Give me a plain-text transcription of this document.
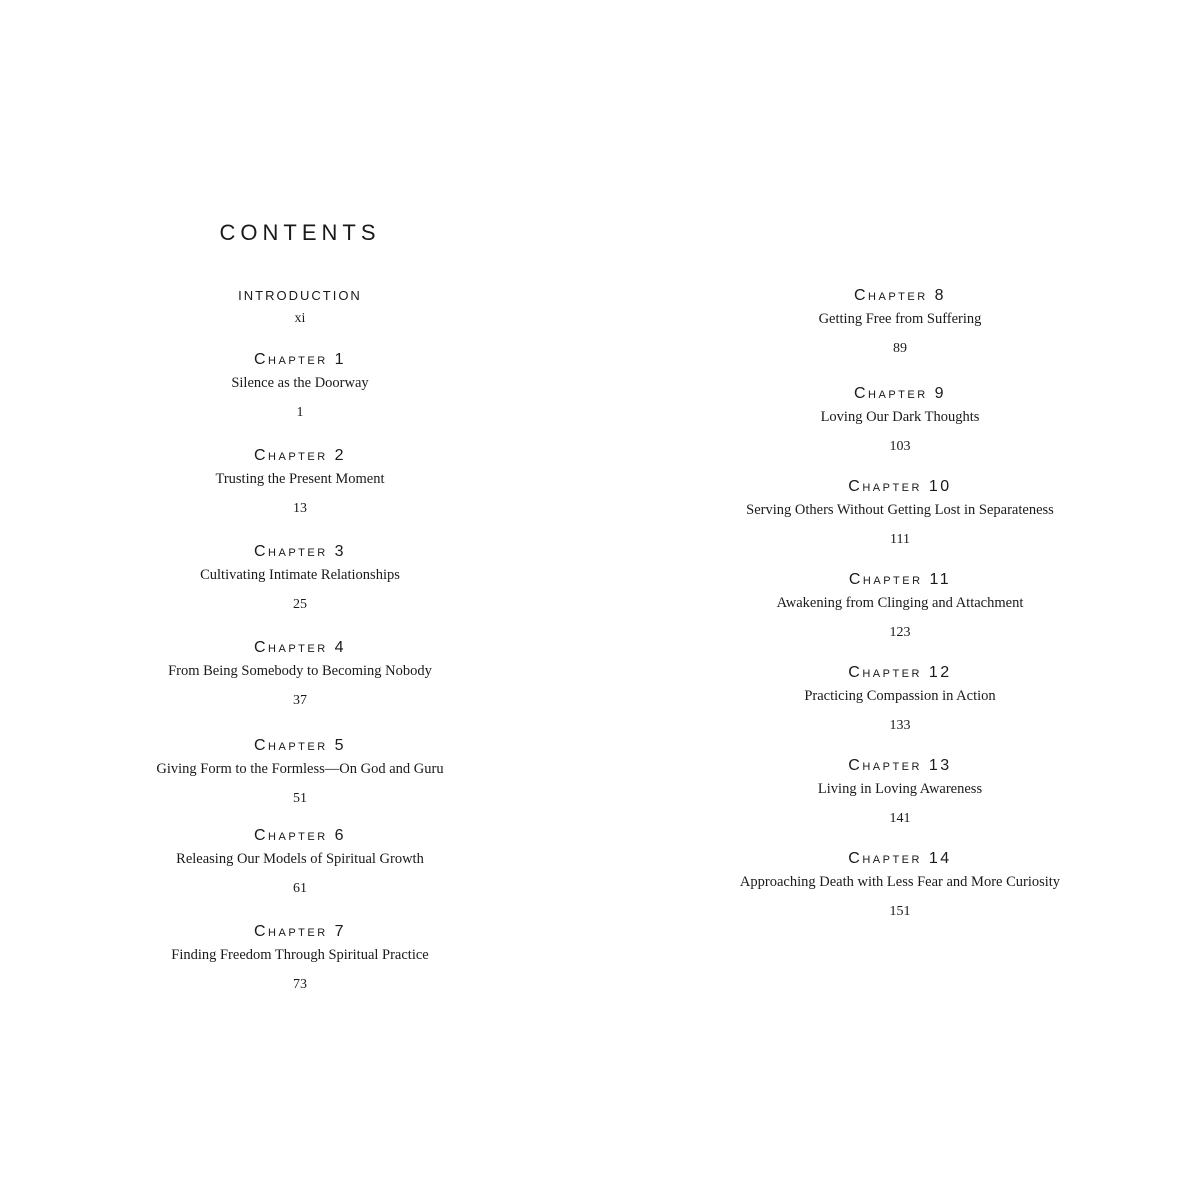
CONTENTS
INTRODUCTION
xi
Chapter 1
Silence as the Doorway
1
Chapter 2
Trusting the Present Moment
13
Chapter 3
Cultivating Intimate Relationships
25
Chapter 4
From Being Somebody to Becoming Nobody
37
Chapter 5
Giving Form to the Formless—On God and Guru
51
Chapter 6
Releasing Our Models of Spiritual Growth
61
Chapter 7
Finding Freedom Through Spiritual Practice
73
Chapter 8
Getting Free from Suffering
89
Chapter 9
Loving Our Dark Thoughts
103
Chapter 10
Serving Others Without Getting Lost in Separateness
111
Chapter 11
Awakening from Clinging and Attachment
123
Chapter 12
Practicing Compassion in Action
133
Chapter 13
Living in Loving Awareness
141
Chapter 14
Approaching Death with Less Fear and More Curiosity
151
